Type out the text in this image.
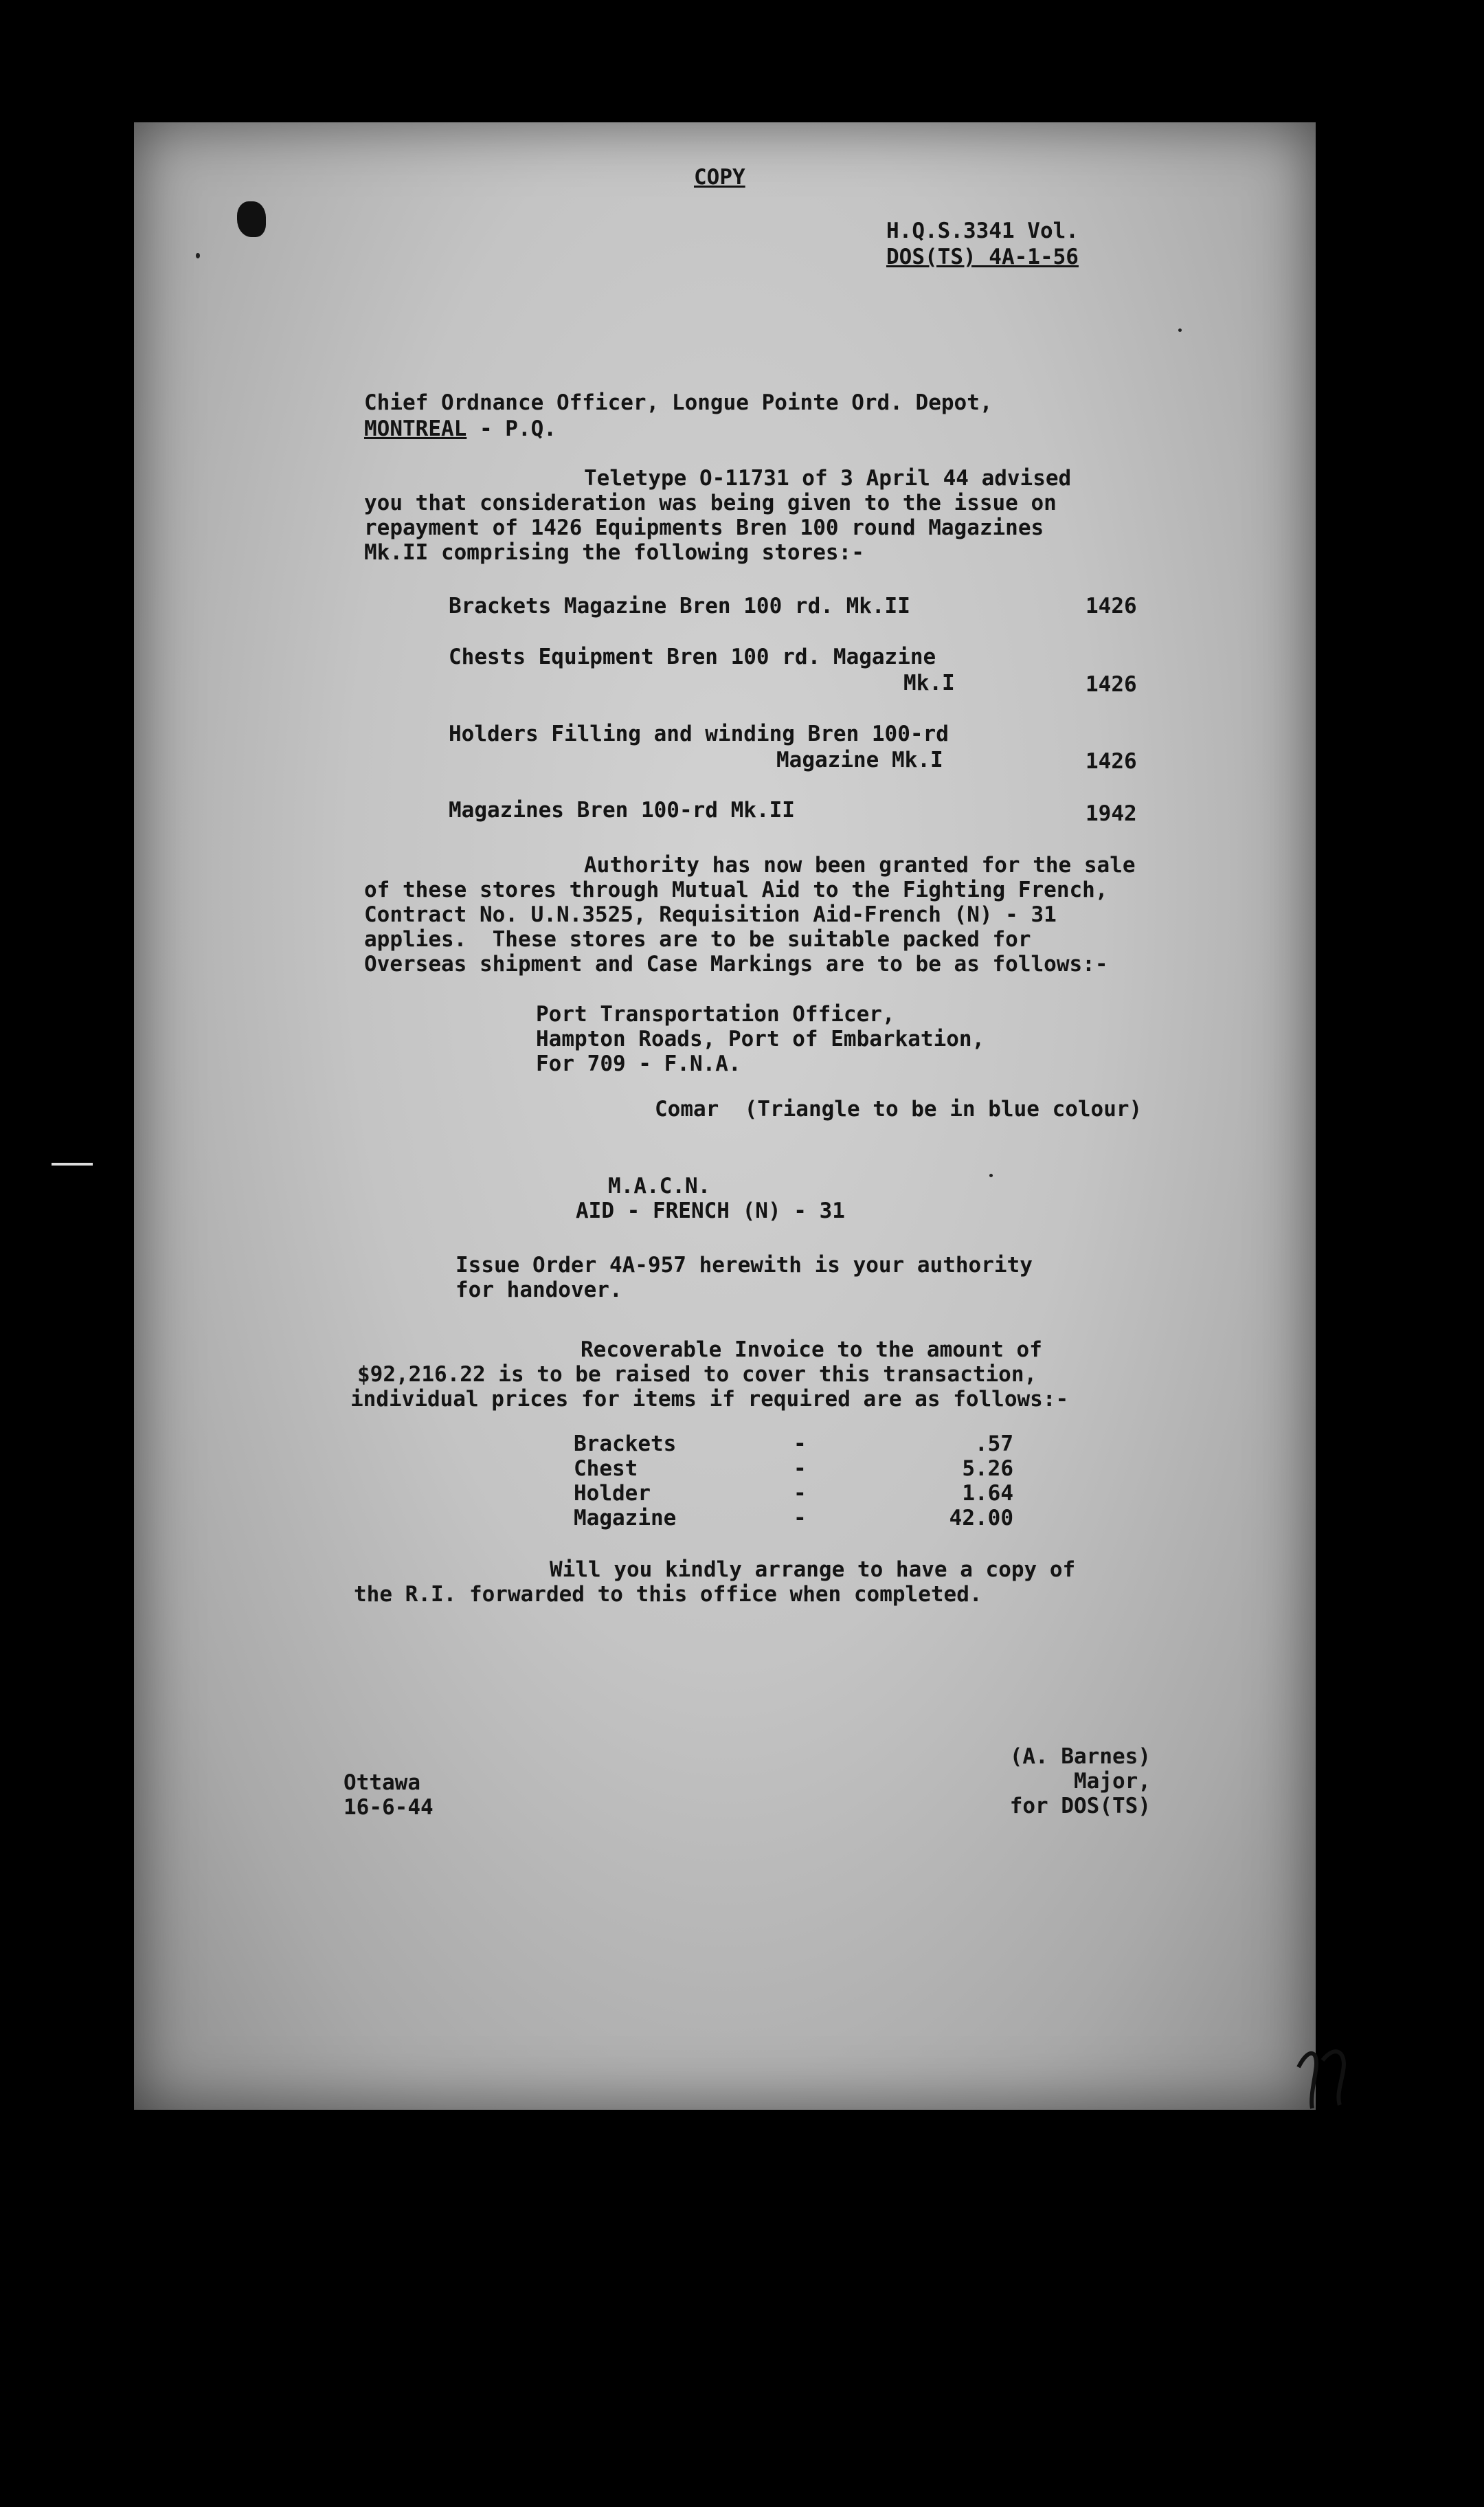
COPY
H.Q.S.3341 Vol.
DOS(TS) 4A-1-56
Chief Ordnance Officer, Longue Pointe Ord. Depot,
MONTREAL - P.Q.
Teletype O-11731 of 3 April 44 advised
you that consideration was being given to the issue on
repayment of 1426 Equipments Bren 100 round Magazines
Mk.II comprising the following stores:-
Brackets Magazine Bren 100 rd. Mk.II	1426
Chests Equipment Bren 100 rd. Magazine
Mk.I	1426
Holders Filling and winding Bren 100-rd
Magazine Mk.I	1426
Magazines Bren 100-rd Mk.II	1942
Authority has now been granted for the sale
of these stores through Mutual Aid to the Fighting French,
Contract No. U.N.3525, Requisition Aid-French (N) - 31
applies.  These stores are to be suitable packed for
Overseas shipment and Case Markings are to be as follows:-
Port Transportation Officer,
Hampton Roads, Port of Embarkation,
For 709 - F.N.A.
Comar  (Triangle to be in blue colour)
M.A.C.N.
AID - FRENCH (N) - 31
Issue Order 4A-957 herewith is your authority
for handover.
Recoverable Invoice to the amount of
$92,216.22 is to be raised to cover this transaction,
individual prices for items if required are as follows:-
Brackets	-	.57
Chest	-	5.26
Holder	-	1.64
Magazine	-	42.00
Will you kindly arrange to have a copy of
the R.I. forwarded to this office when completed.
Ottawa
16-6-44
(A. Barnes)
Major,
for DOS(TS)
